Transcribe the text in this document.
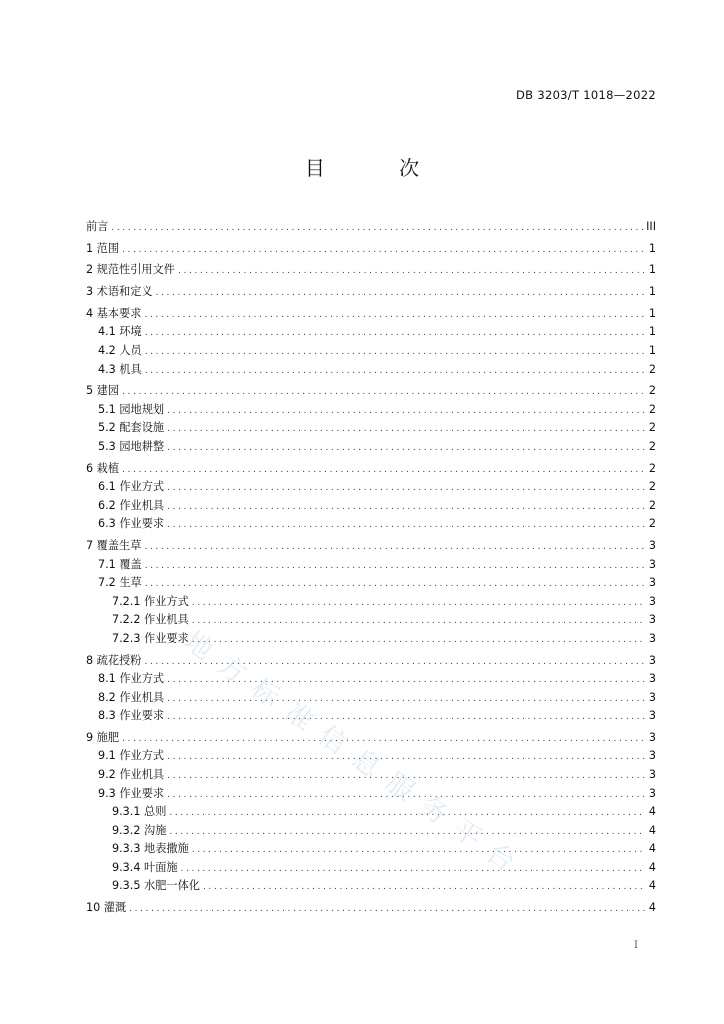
DB 3203/T 1018—2022
目 次
前言 .....	III
1 范围 .....	1
2 规范性引用文件 .....	1
3 术语和定义 .....	1
4 基本要求 .....	1
4.1 环境 .....	1
4.2 人员 .....	1
4.3 机具 .....	2
5 建园 .....	2
5.1 园地规划 .....	2
5.2 配套设施 .....	2
5.3 园地耕整 .....	2
6 栽植 .....	2
6.1 作业方式 .....	2
6.2 作业机具 .....	2
6.3 作业要求 .....	2
7 覆盖生草 .....	3
7.1 覆盖 .....	3
7.2 生草 .....	3
7.2.1 作业方式 .....	3
7.2.2 作业机具 .....	3
7.2.3 作业要求 .....	3
8 疏花授粉 .....	3
8.1 作业方式 .....	3
8.2 作业机具 .....	3
8.3 作业要求 .....	3
9 施肥 .....	3
9.1 作业方式 .....	3
9.2 作业机具 .....	3
9.3 作业要求 .....	3
9.3.1 总则 .....	4
9.3.2 沟施 .....	4
9.3.3 地表撒施 .....	4
9.3.4 叶面施 .....	4
9.3.5 水肥一体化 .....	4
10 灌溉 .....	4
地方标准信息服务平台
I
